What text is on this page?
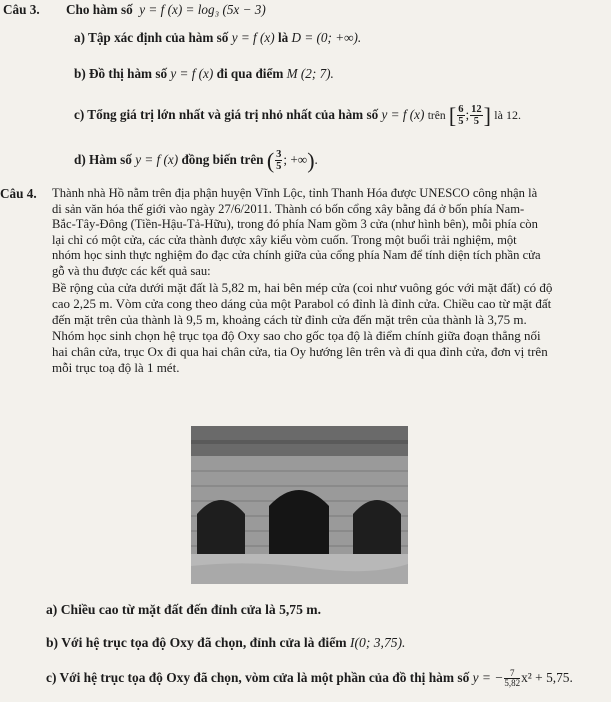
Câu 3. Cho hàm số y = f (x) = log₃ (5x − 3)
a) Tập xác định của hàm số y = f (x) là D = (0; +∞).
b) Đồ thị hàm số y = f (x) đi qua điểm M (2; 7).
c) Tổng giá trị lớn nhất và giá trị nhỏ nhất của hàm số y = f (x) trên [ $\frac{6}{5}$ ; $\frac{12}{5}$ ] là 12.
d) Hàm số y = f (x) đồng biến trên ( $\frac{3}{5}$ ; +∞).
Câu 4. Thành nhà Hồ nằm trên địa phận huyện Vĩnh Lộc, tỉnh Thanh Hóa được UNESCO công nhận là

di sản văn hóa thế giới vào ngày 27/6/2011. Thành có bốn cổng xây bằng đá ở bốn phía Nam-

Bắc-Tây-Đông (Tiền-Hậu-Tả-Hữu), trong đó phía Nam gồm 3 cửa (như hình bên), mỗi phía còn

lại chỉ có một cửa, các cửa thành được xây kiểu vòm cuốn. Trong một buổi trải nghiệm, một

nhóm học sinh thực nghiệm đo đạc cửa chính giữa của cổng phía Nam để tính diện tích phần cửa

gỗ và thu được các kết quả sau:

Bề rộng của cửa dưới mặt đất là 5,82 m, hai bên mép cửa (coi như vuông góc với mặt đất) có độ

cao 2,25 m. Vòm cửa cong theo dáng của một Parabol có đỉnh là đỉnh cửa. Chiều cao từ mặt đất

đến mặt trên của thành là 9,5 m, khoảng cách từ đỉnh cửa đến mặt trên của thành là 3,75 m.

Nhóm học sinh chọn hệ trục tọa độ Oxy sao cho gốc tọa độ là điểm chính giữa đoạn thẳng nối

hai chân cửa, trục Ox đi qua hai chân cửa, tia Oy hướng lên trên và đi qua đỉnh cửa, đơn vị trên

mỗi trục toạ độ là 1 mét.

a) Chiều cao từ mặt đất đến đỉnh cửa là 5,75 m.
b) Với hệ trục tọa độ Oxy đã chọn, đỉnh cửa là điểm I(0; 3,75).
c) Với hệ trục tọa độ Oxy đã chọn, vòm cửa là một phần của đồ thị hàm số y = − $\frac{7}{5,82} x^2 + 5,75$.
